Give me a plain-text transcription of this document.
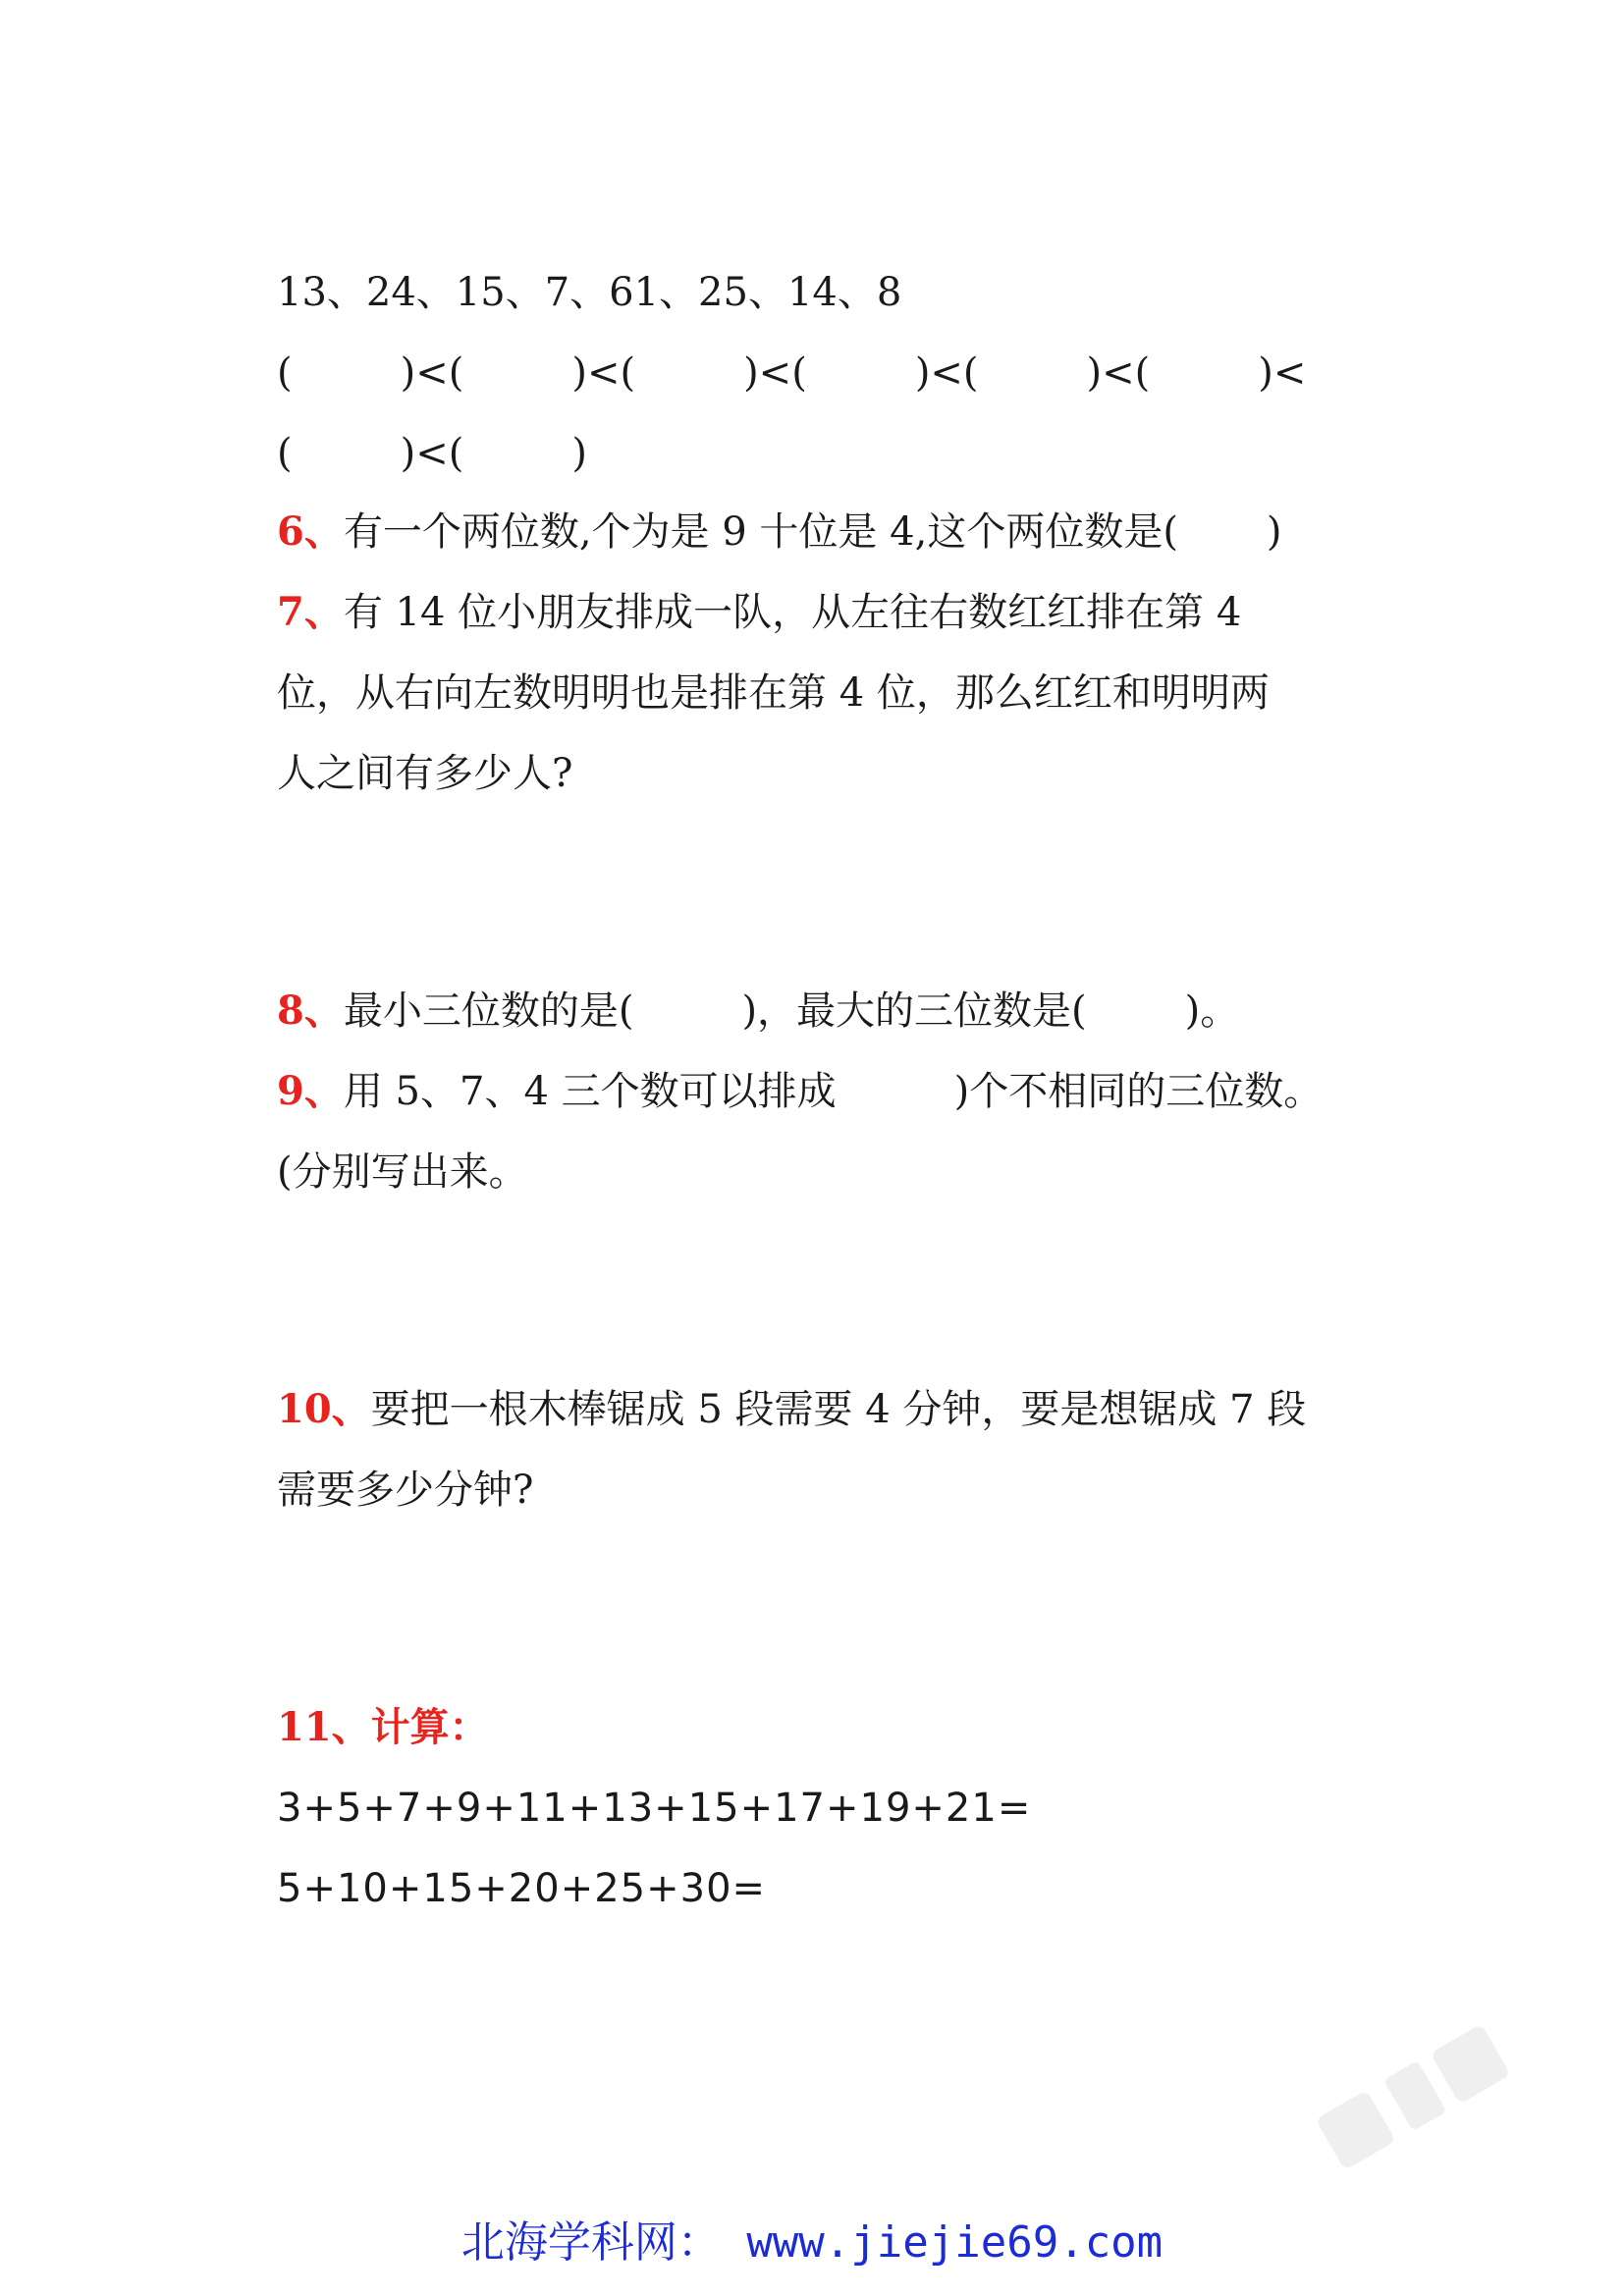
13、24、15、7、61、25、14、8
(	)<(	)<(	)<(	)<(	)<(	)<
(	)<(	)
6、有一个两位数,个为是 9 十位是 4,这个两位数是( )
7、有 14 位小朋友排成一队，从左往右数红红排在第 4
位，从右向左数明明也是排在第 4 位，那么红红和明明两
人之间有多少人?
8、最小三位数的是(	)，最大的三位数是(	)。
9、用 5、7、4 三个数可以排成	)个不相同的三位数。
(分别写出来。
10、要把一根木棒锯成 5 段需要 4 分钟，要是想锯成 7 段
需要多少分钟?
11、计算：
3+5+7+9+11+13+15+17+19+21=
5+10+15+20+25+30=
北海学科网： www.jiejie69.com
